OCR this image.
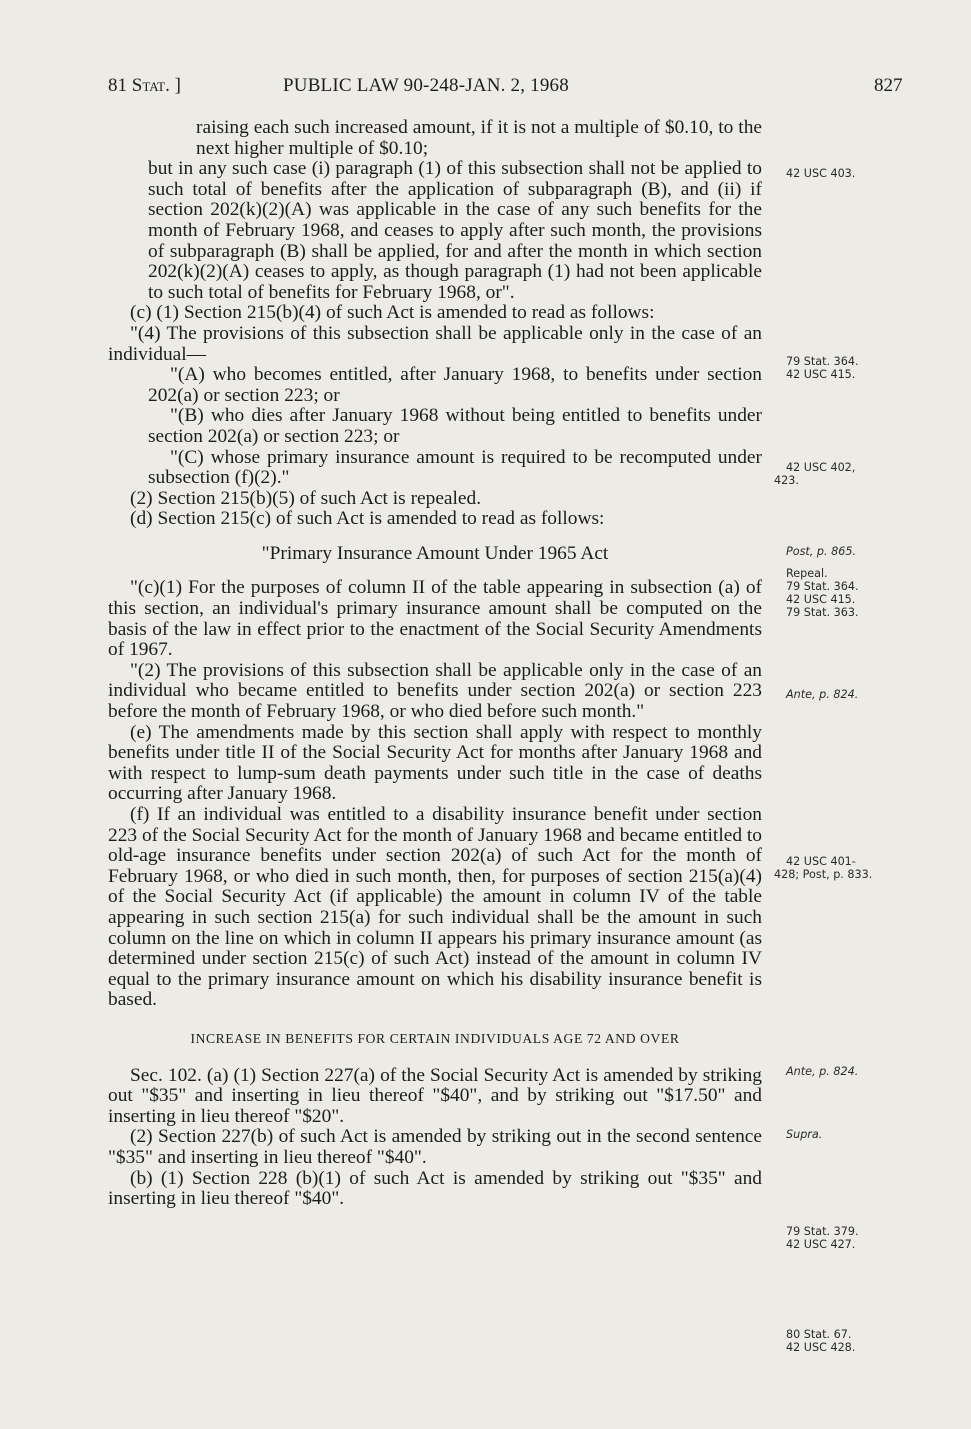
81 Stat. ]	PUBLIC LAW 90-248-JAN. 2, 1968	827

raising each such increased amount, if it is not a multiple of $0.10, to the next higher multiple of $0.10;

but in any such case (i) paragraph (1) of this subsection shall not be applied to such total of benefits after the application of subparagraph (B), and (ii) if section 202(k)(2)(A) was applicable in the case of any such benefits for the month of February 1968, and ceases to apply after such month, the provisions of subparagraph (B) shall be applied, for and after the month in which section 202(k)(2)(A) ceases to apply, as though paragraph (1) had not been applicable to such total of benefits for February 1968, or".

(c) (1) Section 215(b)(4) of such Act is amended to read as follows:

"(4) The provisions of this subsection shall be applicable only in the case of an individual—

"(A) who becomes entitled, after January 1968, to benefits under section 202(a) or section 223; or

"(B) who dies after January 1968 without being entitled to benefits under section 202(a) or section 223; or

"(C) whose primary insurance amount is required to be recomputed under subsection (f)(2)."

(2) Section 215(b)(5) of such Act is repealed.

(d) Section 215(c) of such Act is amended to read as follows:

"Primary Insurance Amount Under 1965 Act

"(c)(1) For the purposes of column II of the table appearing in subsection (a) of this section, an individual's primary insurance amount shall be computed on the basis of the law in effect prior to the enactment of the Social Security Amendments of 1967.

"(2) The provisions of this subsection shall be applicable only in the case of an individual who became entitled to benefits under section 202(a) or section 223 before the month of February 1968, or who died before such month."

(e) The amendments made by this section shall apply with respect to monthly benefits under title II of the Social Security Act for months after January 1968 and with respect to lump-sum death payments under such title in the case of deaths occurring after January 1968.

(f) If an individual was entitled to a disability insurance benefit under section 223 of the Social Security Act for the month of January 1968 and became entitled to old-age insurance benefits under section 202(a) of such Act for the month of February 1968, or who died in such month, then, for purposes of section 215(a)(4) of the Social Security Act (if applicable) the amount in column IV of the table appearing in such section 215(a) for such individual shall be the amount in such column on the line on which in column II appears his primary insurance amount (as determined under section 215(c) of such Act) instead of the amount in column IV equal to the primary insurance amount on which his disability insurance benefit is based.

INCREASE IN BENEFITS FOR CERTAIN INDIVIDUALS AGE 72 AND OVER

Sec. 102. (a) (1) Section 227(a) of the Social Security Act is amended by striking out "$35" and inserting in lieu thereof "$40", and by striking out "$17.50" and inserting in lieu thereof "$20".

(2) Section 227(b) of such Act is amended by striking out in the second sentence "$35" and inserting in lieu thereof "$40".

(b) (1) Section 228 (b)(1) of such Act is amended by striking out "$35" and inserting in lieu thereof "$40".

42 USC 403.
79 Stat. 364.
42 USC 415.
42 USC 402,
423.
Post, p. 865.
Repeal.
79 Stat. 364.
42 USC 415.
79 Stat. 363.
Ante, p. 824.
42 USC 401-
428; Post, p. 833.
Ante, p. 824.
Supra.
79 Stat. 379.
42 USC 427.
80 Stat. 67.
42 USC 428.
